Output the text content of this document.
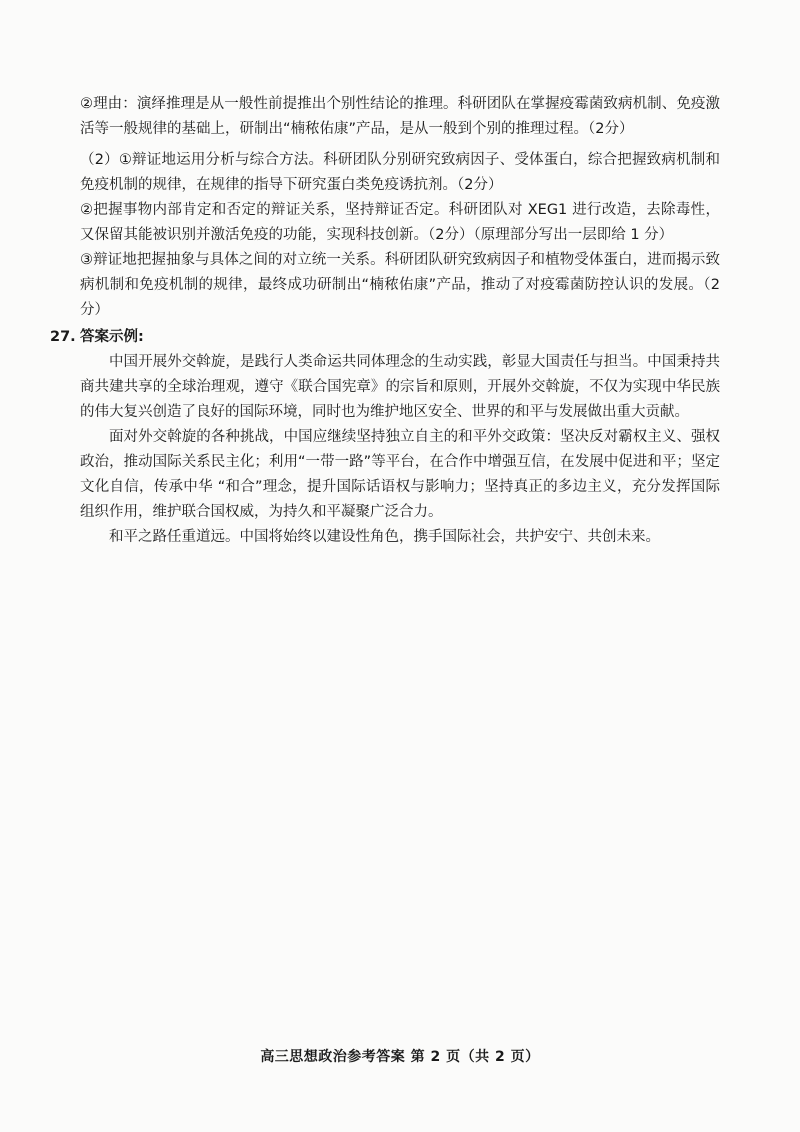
②理由：演绎推理是从一般性前提推出个别性结论的推理。科研团队在掌握疫霉菌致病机制、免疫激活等一般规律的基础上，研制出“楠秾佑康”产品，是从一般到个别的推理过程。（2分）

（2）①辩证地运用分析与综合方法。科研团队分别研究致病因子、受体蛋白，综合把握致病机制和免疫机制的规律，在规律的指导下研究蛋白类免疫诱抗剂。（2分）

②把握事物内部肯定和否定的辩证关系，坚持辩证否定。科研团队对 XEG1 进行改造，去除毒性，又保留其能被识别并激活免疫的功能，实现科技创新。（2分）（原理部分写出一层即给 1 分）

③辩证地把握抽象与具体之间的对立统一关系。科研团队研究致病因子和植物受体蛋白，进而揭示致病机制和免疫机制的规律，最终成功研制出“楠秾佑康”产品，推动了对疫霉菌防控认识的发展。（2分）

27. 答案示例:

中国开展外交斡旋，是践行人类命运共同体理念的生动实践，彰显大国责任与担当。中国秉持共商共建共享的全球治理观，遵守《联合国宪章》的宗旨和原则，开展外交斡旋，不仅为实现中华民族的伟大复兴创造了良好的国际环境，同时也为维护地区安全、世界的和平与发展做出重大贡献。

面对外交斡旋的各种挑战，中国应继续坚持独立自主的和平外交政策：坚决反对霸权主义、强权政治，推动国际关系民主化；利用“一带一路”等平台，在合作中增强互信，在发展中促进和平；坚定文化自信，传承中华 “和合”理念，提升国际话语权与影响力；坚持真正的多边主义，充分发挥国际组织作用，维护联合国权威，为持久和平凝聚广泛合力。

和平之路任重道远。中国将始终以建设性角色，携手国际社会，共护安宁、共创未来。

高三思想政治参考答案 第 2 页（共 2 页）
